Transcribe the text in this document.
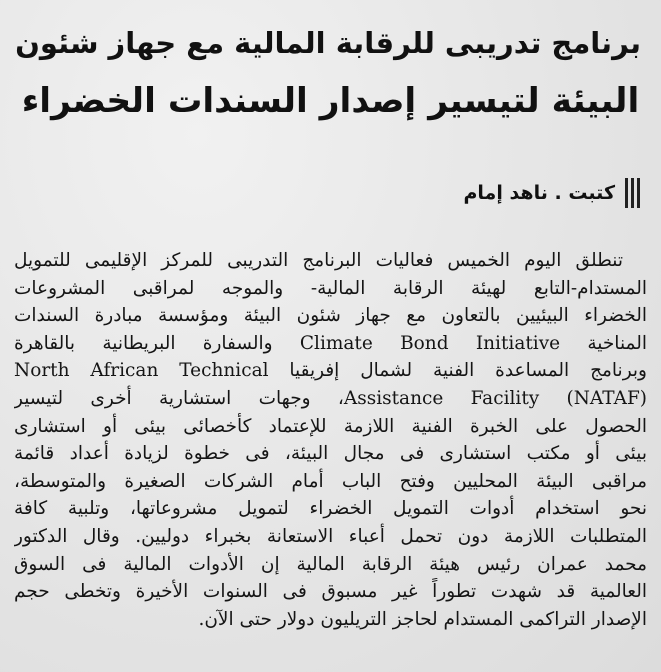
برنامج تدريبى للرقابة المالية مع جهاز شئون
البيئة لتيسير إصدار السندات الخضراء
كتبت . ناهد إمام
تنطلق اليوم الخميس فعاليات البرنامج التدريبى للمركز الإقليمى للتمويل
المستدام-التابع لهيئة الرقابة المالية- والموجه لمراقبى المشروعات
الخضراء البيئيين بالتعاون مع جهاز شئون البيئة ومؤسسة مبادرة السندات
المناخية Climate Bond Initiative والسفارة البريطانية بالقاهرة
وبرنامج المساعدة الفنية لشمال إفريقيا North African Technical
Assistance Facility (NATAF)، وجهات استشارية أخرى لتيسير
الحصول على الخبرة الفنية اللازمة للإعتماد كأخصائى بيئى أو استشارى
بيئى أو مكتب استشارى فى مجال البيئة، فى خطوة لزيادة أعداد قائمة
مراقبى البيئة المحليين وفتح الباب أمام الشركات الصغيرة والمتوسطة،
نحو استخدام أدوات التمويل الخضراء لتمويل مشروعاتها، وتلبية كافة
المتطلبات اللازمة دون تحمل أعباء الاستعانة بخبراء دوليين. وقال الدكتور
محمد عمران رئيس هيئة الرقابة المالية إن الأدوات المالية فى السوق
العالمية قد شهدت تطوراً غير مسبوق فى السنوات الأخيرة وتخطى حجم
الإصدار التراكمى المستدام لحاجز التريليون دولار حتى الآن.
